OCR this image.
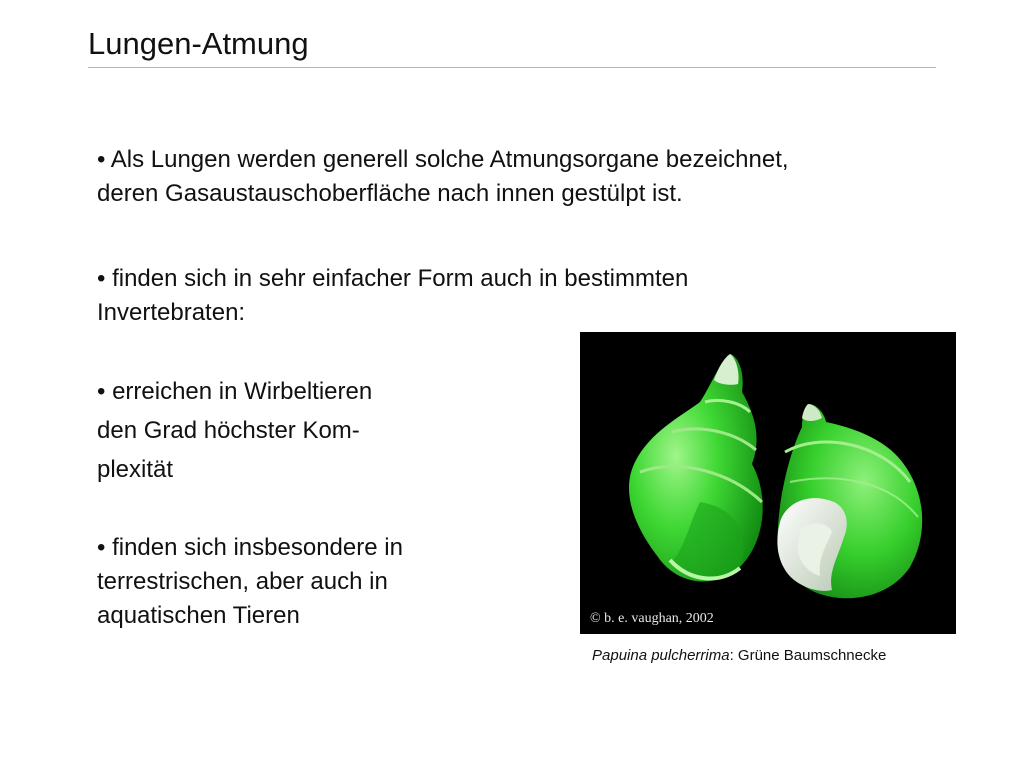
Lungen-Atmung
• Als Lungen werden generell solche Atmungsorgane bezeichnet,
deren Gasaustauschoberfläche nach innen gestülpt ist.
• finden sich in sehr einfacher Form auch in bestimmten
Invertebraten:
• erreichen in Wirbeltieren
den Grad höchster Kom-
plexität
• finden sich insbesondere in
terrestrischen, aber auch in
aquatischen Tieren	© b. e. vaughan, 2002
Papuina pulcherrima: Grüne Baumschnecke
